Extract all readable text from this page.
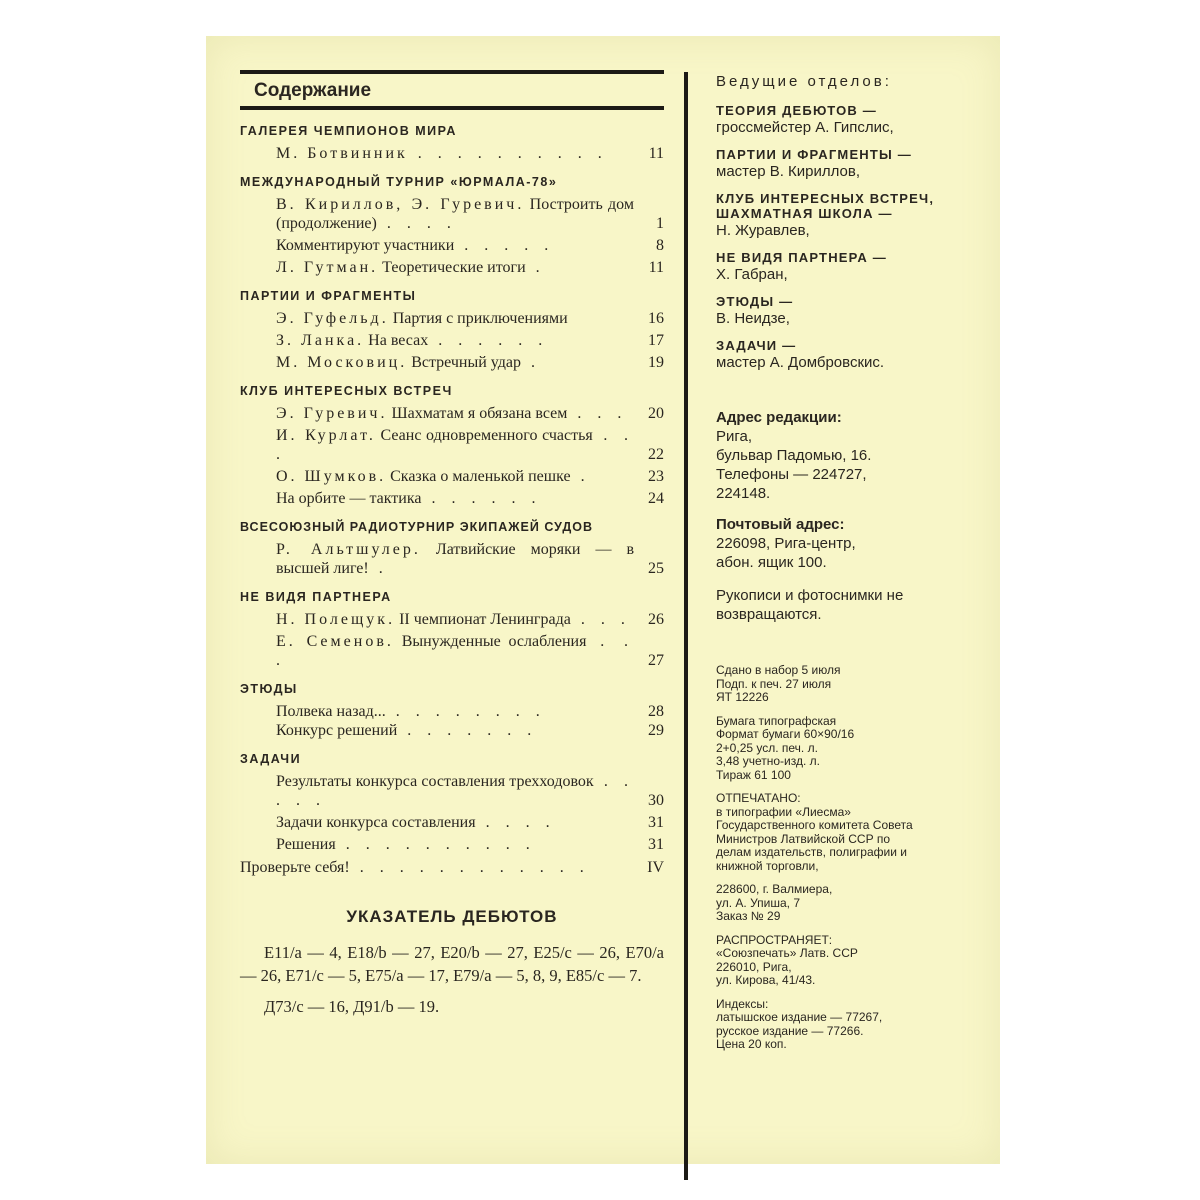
Содержание
ГАЛЕРЕЯ ЧЕМПИОНОВ МИРА
М. Ботвинник . . . . . . . . . .	11
МЕЖДУНАРОДНЫЙ ТУРНИР «ЮРМАЛА-78»
В. Кириллов, Э. Гуревич. Построить дом (продолжение) . . . .	1
Комментируют участники . . . . .	8
Л. Гутман. Теоретические итоги .	11
ПАРТИИ И ФРАГМЕНТЫ
Э. Гуфельд. Партия с приключениями	16
З. Ланка. На весах . . . . . .	17
М. Московиц. Встречный удар .	19
КЛУБ ИНТЕРЕСНЫХ ВСТРЕЧ
Э. Гуревич. Шахматам я обязана всем . . .	20
И. Курлат. Сеанс одновременного счастья . . .	22
О. Шумков. Сказка о маленькой пешке .	23
На орбите — тактика . . . . . .	24
ВСЕСОЮЗНЫЙ РАДИОТУРНИР ЭКИПАЖЕЙ СУДОВ
Р. Альтшулер. Латвийские моряки — в высшей лиге! .	25
НЕ ВИДЯ ПАРТНЕРА
Н. Полещук. II чемпионат Ленинграда . . .	26
Е. Семенов. Вынужденные ослабления . . .	27
ЭТЮДЫ
Полвека назад... . . . . . . . .	28
Конкурс решений . . . . . . .	29
ЗАДАЧИ
Результаты конкурса составления трехходовок . . . . .	30
Задачи конкурса составления . . . .	31
Решения . . . . . . . . . .	31
Проверьте себя! . . . . . . . . . . . .	IV
УКАЗАТЕЛЬ ДЕБЮТОВ

E11/a — 4, E18/b — 27, E20/b — 27, E25/c — 26, E70/a — 26, E71/c — 5, E75/a — 17, E79/a — 5, 8, 9, E85/c — 7.

Д73/c — 16, Д91/b — 19.

Ведущие отделов:
ТЕОРИЯ ДЕБЮТОВ —
гроссмейстер А. Гипслис,
ПАРТИИ И ФРАГМЕНТЫ —
мастер В. Кириллов,
КЛУБ ИНТЕРЕСНЫХ ВСТРЕЧ, ШАХМАТНАЯ ШКОЛА —
Н. Журавлев,
НЕ ВИДЯ ПАРТНЕРА —
Х. Габран,
ЭТЮДЫ —
В. Неидзе,
ЗАДАЧИ —
мастер А. Домбровскис.
Адрес редакции:
Рига,
бульвар Падомью, 16.
Телефоны — 224727,
224148.
Почтовый адрес:
226098, Рига-центр,
абон. ящик 100.
Рукописи и фотоснимки не возвращаются.
Сдано в набор 5 июля
Подп. к печ. 27 июля
ЯТ 12226
Бумага типографская
Формат бумаги 60×90/16
2+0,25 усл. печ. л.
3,48 учетно-изд. л.
Тираж 61 100
ОТПЕЧАТАНО:
в типографии «Лиесма» Государственного комитета Совета Министров Латвийской ССР по делам издательств, полиграфии и книжной торговли,
228600, г. Валмиера,
ул. А. Упиша, 7
Заказ № 29
РАСПРОСТРАНЯЕТ:
«Союзпечать» Латв. ССР
226010, Рига,
ул. Кирова, 41/43.
Индексы:
латышское издание — 77267,
русское издание — 77266.
Цена 20 коп.
